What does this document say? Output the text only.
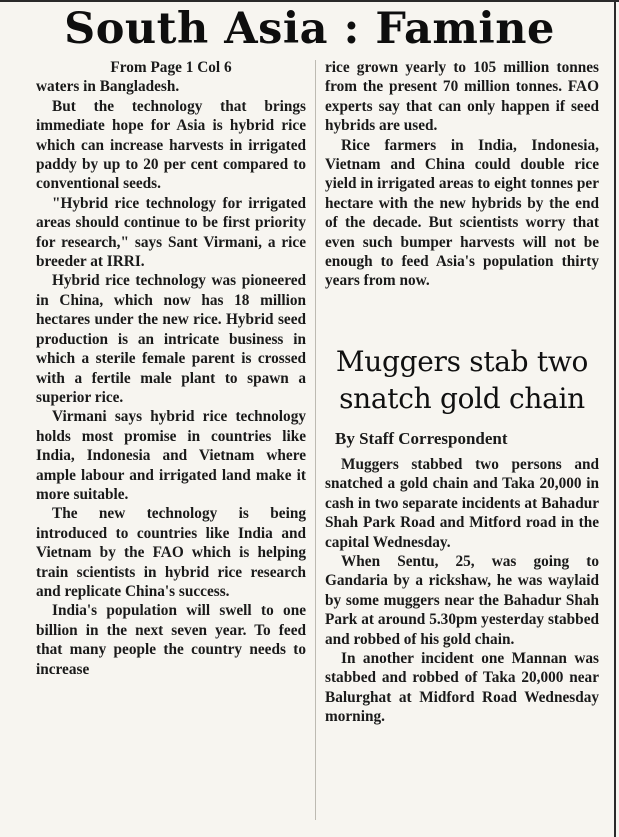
South Asia : Famine

From Page 1 Col 6

waters in Bangladesh.

But the technology that brings immediate hope for Asia is hybrid rice which can increase harvests in irrigated paddy by up to 20 per cent compared to conventional seeds.

"Hybrid rice technology for irrigated areas should continue to be first priority for research," says Sant Virmani, a rice breeder at IRRI.

Hybrid rice technology was pioneered in China, which now has 18 million hectares under the new rice. Hybrid seed production is an intricate business in which a sterile female parent is crossed with a fertile male plant to spawn a superior rice.

Virmani says hybrid rice technology holds most promise in countries like India, Indonesia and Vietnam where ample labour and irrigated land make it more suitable.

The new technology is being introduced to countries like India and Vietnam by the FAO which is helping train scientists in hybrid rice research and replicate China's success.

India's population will swell to one billion in the next seven year. To feed that many people the country needs to increase

rice grown yearly to 105 million tonnes from the present 70 million tonnes. FAO experts say that can only happen if seed hybrids are used.

Rice farmers in India, Indonesia, Vietnam and China could double rice yield in irrigated areas to eight tonnes per hectare with the new hybrids by the end of the decade. But scientists worry that even such bumper harvests will not be enough to feed Asia's population thirty years from now.

Muggers stab two snatch gold chain
By Staff Correspondent

Muggers stabbed two persons and snatched a gold chain and Taka 20,000 in cash in two separate incidents at Bahadur Shah Park Road and Mitford road in the capital Wednesday.

When Sentu, 25, was going to Gandaria by a rickshaw, he was waylaid by some muggers near the Bahadur Shah Park at around 5.30pm yesterday stabbed and robbed of his gold chain.

In another incident one Mannan was stabbed and robbed of Taka 20,000 near Balurghat at Midford Road Wednesday morning.
